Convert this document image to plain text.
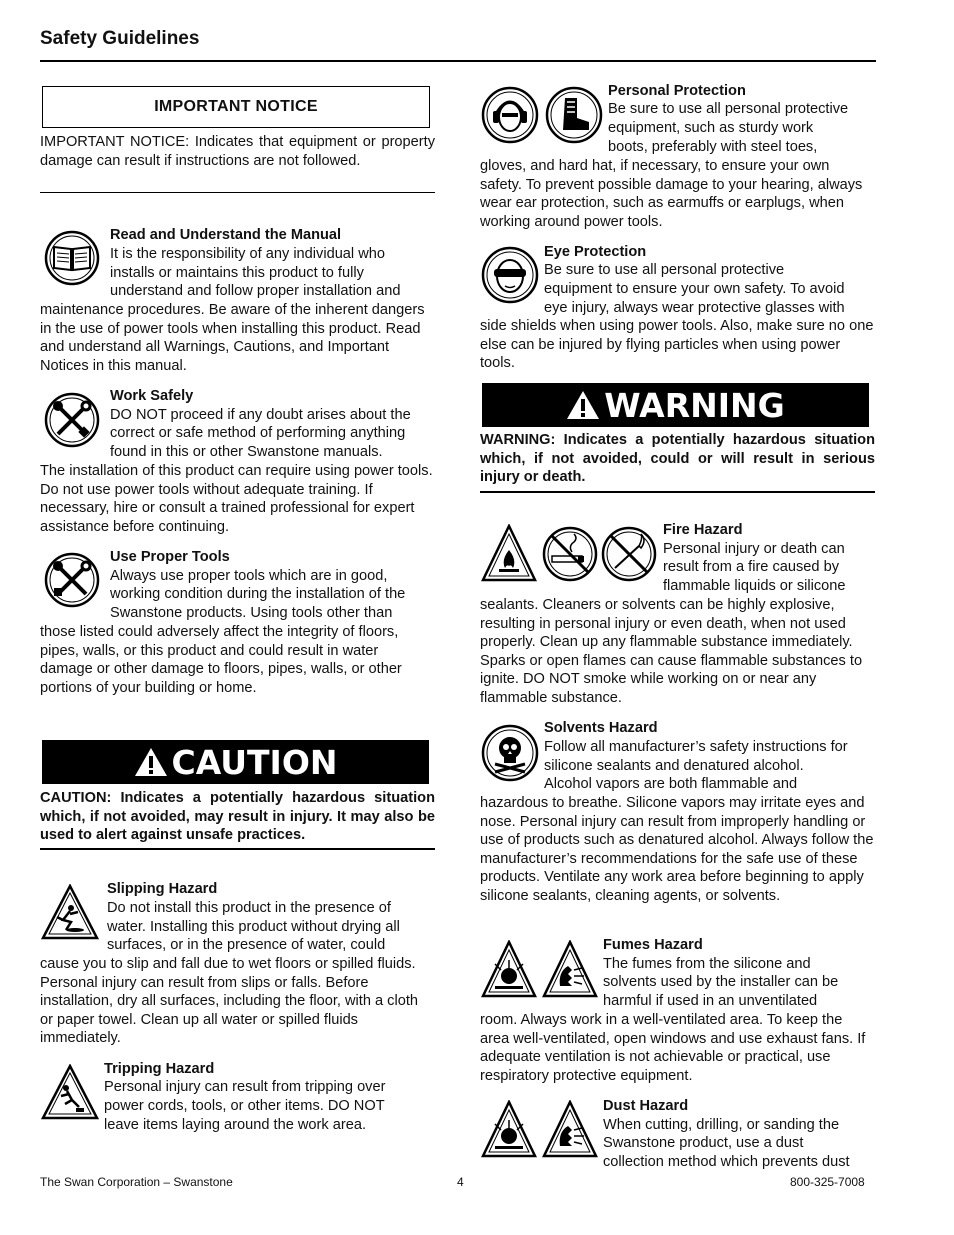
Safety Guidelines
IMPORTANT NOTICE
IMPORTANT NOTICE: Indicates that equipment or property damage can result if instructions are not followed.
Read and Understand the Manual
It is the responsibility of any individual who
installs or maintains this product to fully
understand and follow proper installation and
maintenance procedures. Be aware of the inherent dangers in the use of power tools when installing this product. Read and understand all Warnings, Cautions, and Important Notices in this manual.
Work Safely
DO NOT proceed if any doubt arises about the
correct or safe method of performing anything
found in this or other Swanstone manuals.
The installation of this product can require using power tools. Do not use power tools without adequate training. If necessary, hire or consult a trained professional for expert assistance before continuing.
Use Proper Tools
Always use proper tools which are in good,
working condition during the installation of the
Swanstone products. Using tools other than
those listed could adversely affect the integrity of floors, pipes, walls, or this product and could result in water damage or other damage to floors, pipes, walls, or other portions of your building or home.
CAUTION
CAUTION: Indicates a potentially hazardous situation which, if not avoided, may result in injury. It may also be used to alert against unsafe practices.
Slipping Hazard
Do not install this product in the presence of
water. Installing this product without drying all
surfaces, or in the presence of water, could
cause you to slip and fall due to wet floors or spilled fluids. Personal injury can result from slips or falls. Before installation, dry all surfaces, including the floor, with a cloth or paper towel. Clean up all water or spilled fluids immediately.
Tripping Hazard
Personal injury can result from tripping over
power cords, tools, or other items. DO NOT
leave items laying around the work area.
Personal Protection
Be sure to use all personal protective
equipment, such as sturdy work
boots, preferably with steel toes,
gloves, and hard hat, if necessary, to ensure your own safety. To prevent possible damage to your hearing, always wear ear protection, such as earmuffs or earplugs, when working around power tools.
Eye Protection
Be sure to use all personal protective
equipment to ensure your own safety. To avoid
eye injury, always wear protective glasses with
side shields when using power tools. Also, make sure no one else can be injured by flying particles when using power tools.
WARNING
WARNING: Indicates a potentially hazardous situation which, if not avoided, could or will result in serious injury or death.
Fire Hazard
Personal injury or death can
result from a fire caused by
flammable liquids or silicone
sealants. Cleaners or solvents can be highly explosive, resulting in personal injury or even death, when not used properly. Clean up any flammable substance immediately. Sparks or open flames can cause flammable substances to ignite. DO NOT smoke while working on or near any flammable substance.
Solvents Hazard
Follow all manufacturer’s safety instructions for
silicone sealants and denatured alcohol.
Alcohol vapors are both flammable and
hazardous to breathe. Silicone vapors may irritate eyes and nose. Personal injury can result from improperly handling or use of products such as denatured alcohol. Always follow the manufacturer’s recommendations for the safe use of these products. Ventilate any work area before beginning to apply silicone sealants, cleaning agents, or solvents.
Fumes Hazard
The fumes from the silicone and
solvents used by the installer can be
harmful if used in an unventilated
room. Always work in a well-ventilated area. To keep the area well-ventilated, open windows and use exhaust fans. If adequate ventilation is not achievable or practical, use respiratory protective equipment.
Dust Hazard
When cutting, drilling, or sanding the
Swanstone product, use a dust
collection method which prevents dust
The Swan Corporation – Swanstone	4	800-325-7008
